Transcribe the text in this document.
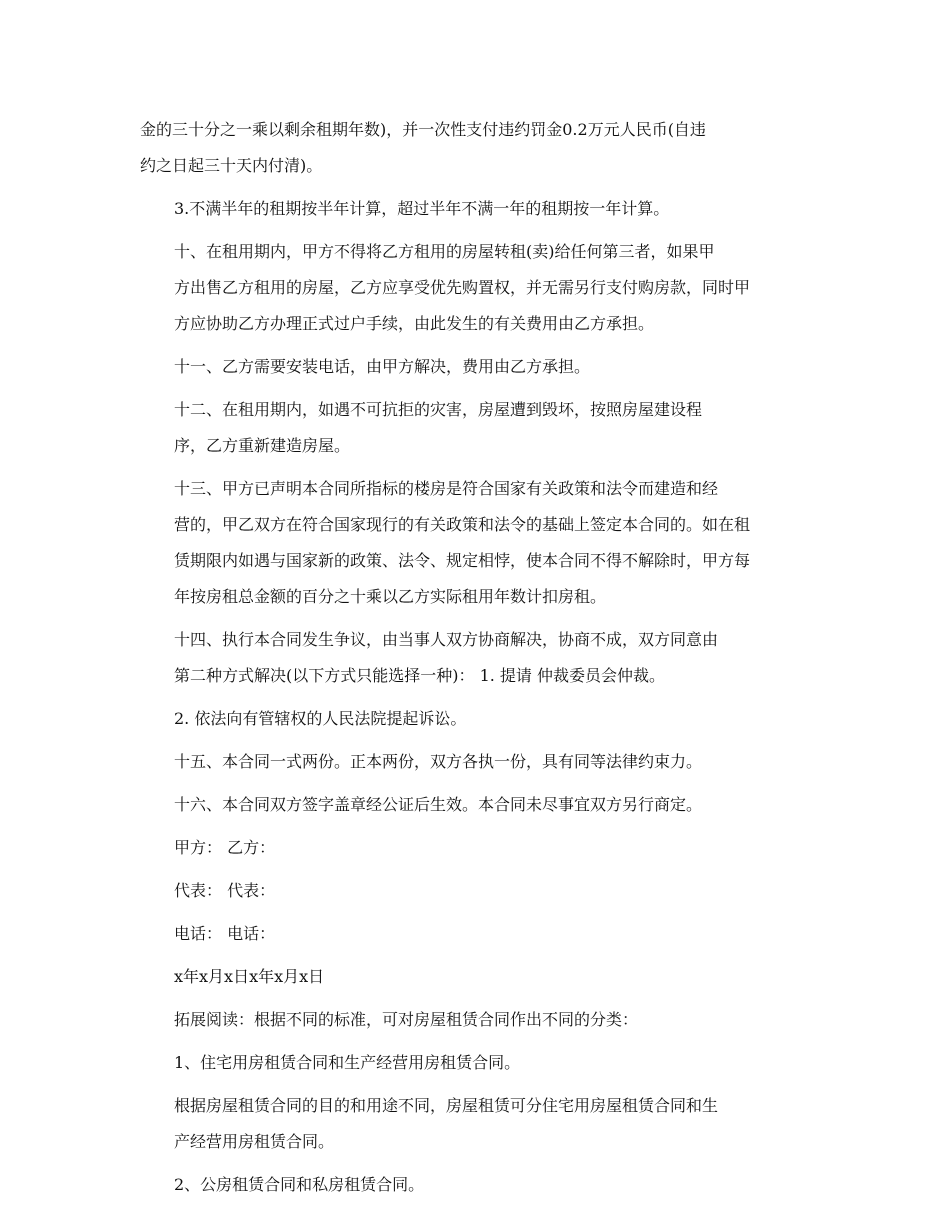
金的三十分之一乘以剩余租期年数)，并一次性支付违约罚金0.2万元人民币(自违
约之日起三十天内付清)。

3.不满半年的租期按半年计算，超过半年不满一年的租期按一年计算。

十、在租用期内，甲方不得将乙方租用的房屋转租(卖)给任何第三者，如果甲
方出售乙方租用的房屋，乙方应享受优先购置权，并无需另行支付购房款，同时甲
方应协助乙方办理正式过户手续，由此发生的有关费用由乙方承担。

十一、乙方需要安装电话，由甲方解决，费用由乙方承担。

十二、在租用期内，如遇不可抗拒的灾害，房屋遭到毁坏，按照房屋建设程
序，乙方重新建造房屋。

十三、甲方已声明本合同所指标的楼房是符合国家有关政策和法令而建造和经
营的，甲乙双方在符合国家现行的有关政策和法令的基础上签定本合同的。如在租
赁期限内如遇与国家新的政策、法令、规定相悖，使本合同不得不解除时，甲方每
年按房租总金额的百分之十乘以乙方实际租用年数计扣房租。

十四、执行本合同发生争议，由当事人双方协商解决，协商不成，双方同意由
第二种方式解决(以下方式只能选择一种)： 1. 提请 仲裁委员会仲裁。

2. 依法向有管辖权的人民法院提起诉讼。

十五、本合同一式两份。正本两份，双方各执一份，具有同等法律约束力。

十六、本合同双方签字盖章经公证后生效。本合同未尽事宜双方另行商定。

甲方： 乙方：

代表： 代表：

电话： 电话：

x年x月x日x年x月x日

拓展阅读：根据不同的标准，可对房屋租赁合同作出不同的分类：

1、住宅用房租赁合同和生产经营用房租赁合同。

根据房屋租赁合同的目的和用途不同，房屋租赁可分住宅用房屋租赁合同和生
产经营用房租赁合同。

2、公房租赁合同和私房租赁合同。
